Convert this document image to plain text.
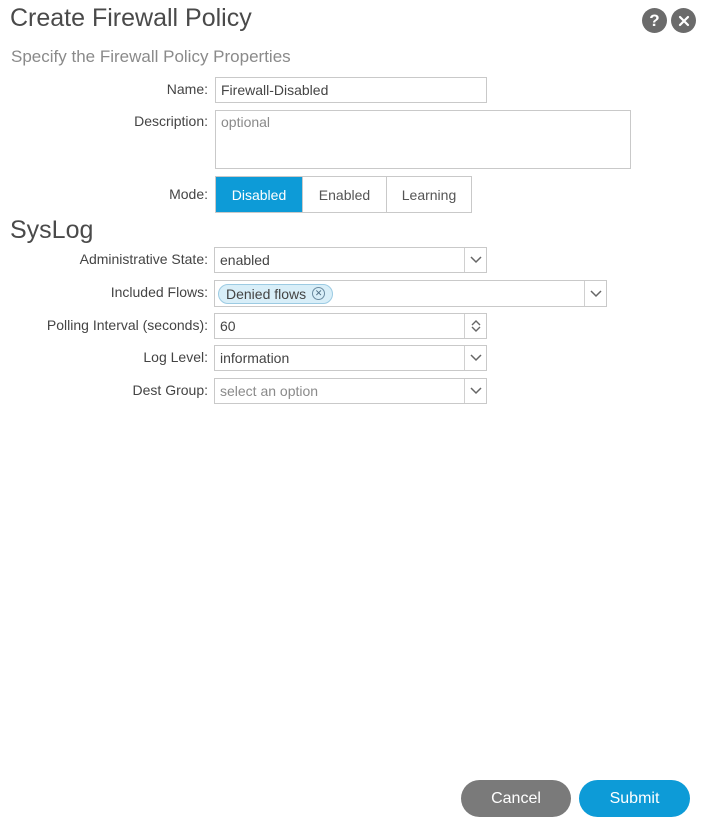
Create Firewall Policy
Specify the Firewall Policy Properties
?
Name: Firewall-Disabled
Description: optional
Mode:	Disabled	Enabled	Learning
SysLog
Administrative State: enabled
Included Flows: Denied flows ✕
Polling Interval (seconds): 60
Log Level: information
Dest Group: select an option
Cancel	Submit
